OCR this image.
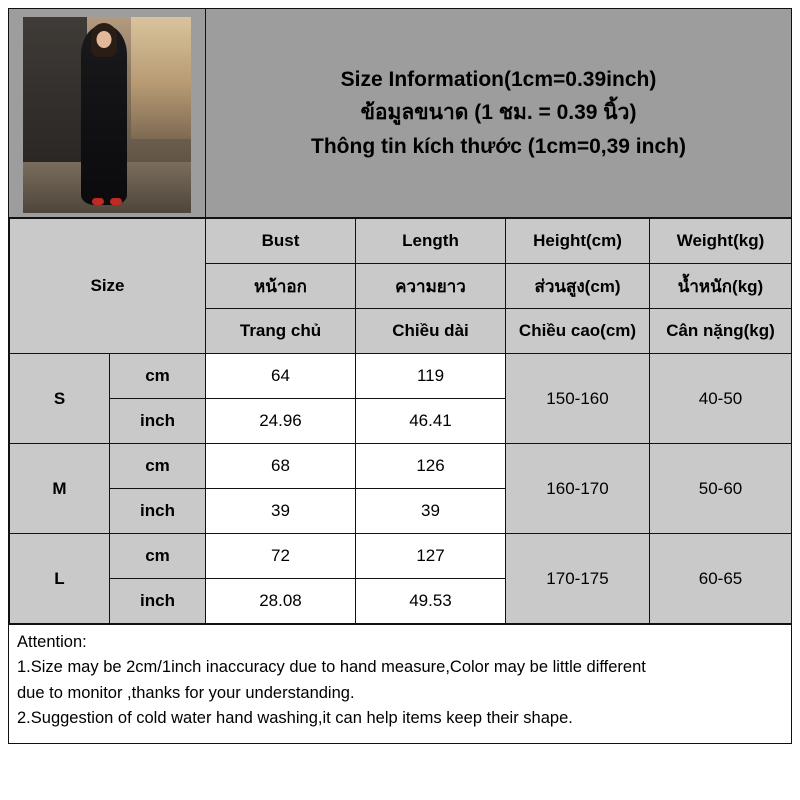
Size Information(1cm=0.39inch)
ข้อมูลขนาด (1 ชม. = 0.39 นิ้ว)
Thông tin kích thước (1cm=0,39 inch)
Size		Bust	Length	Height(cm)	Weight(kg)
		หน้าอก	ความยาว	ส่วนสูง(cm)	น้ำหนัก(kg)
		Trang chủ	Chiều dài	Chiều cao(cm)	Cân nặng(kg)
S	cm	64	119	150-160	40-50
	inch	24.96	46.41		
M	cm	68	126	160-170	50-60
	inch	39	39		
L	cm	72	127	170-175	60-65
	inch	28.08	49.53		

Attention:

1.Size may be 2cm/1inch inaccuracy due to hand measure,Color may be little different

due to monitor ,thanks for your understanding.

2.Suggestion of cold water hand washing,it can help items keep their shape.
